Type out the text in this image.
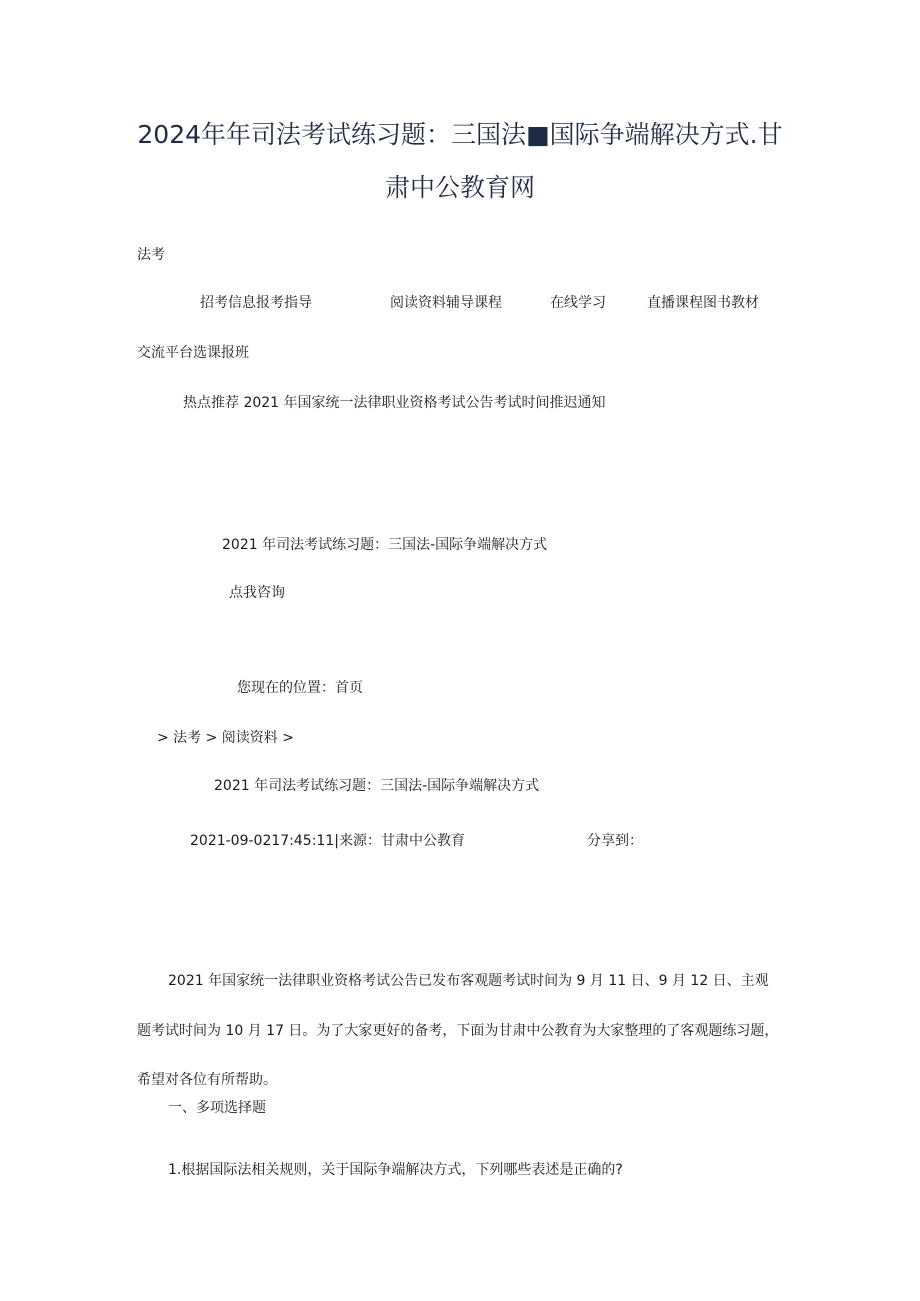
2024年年司法考试练习题：三国法■国际争端解决方式.甘
肃中公教育网
法考
招考信息报考指导	阅读资料辅导课程	在线学习	直播课程图书教材
交流平台选课报班
热点推荐 2021 年国家统一法律职业资格考试公告考试时间推迟通知
2021 年司法考试练习题：三国法-国际争端解决方式
点我咨询
您现在的位置：首页
> 法考 > 阅读资料 >
2021 年司法考试练习题：三国法-国际争端解决方式
2021-09-0217:45:11|来源：甘肃中公教育	分享到：
2021 年国家统一法律职业资格考试公告已发布客观题考试时间为 9 月 11 日、9 月 12 日、主观
题考试时间为 10 月 17 日。为了大家更好的备考，下面为甘肃中公教育为大家整理的了客观题练习题，
希望对各位有所帮助。
一、多项选择题
1.根据国际法相关规则，关于国际争端解决方式，下列哪些表述是正确的?
